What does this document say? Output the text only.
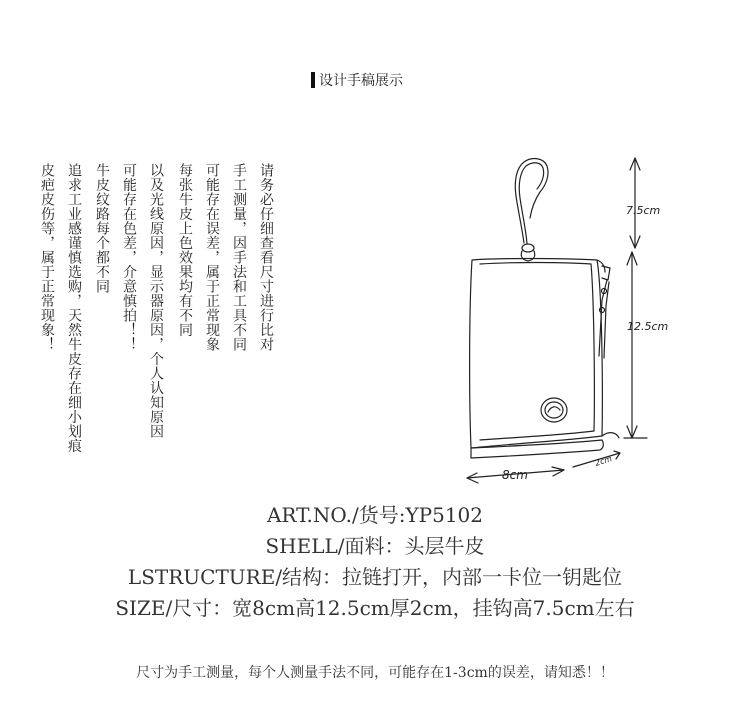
设计手稿展示
请务必仔细查看尺寸进行比对
手工测量，因手法和工具不同
可能存在误差，属于正常现象
每张牛皮上色效果均有不同
以及光线原因，显示器原因，个人认知原因
可能存在色差，介意慎拍！！
牛皮纹路每个都不同
追求工业感谨慎选购，天然牛皮存在细小划痕
皮疤皮伤等，属于正常现象！	7.5cm
12.5cm
8cm
2cm
ART.NO./货号:YP5102
SHELL/面料：头层牛皮
LSTRUCTURE/结构：拉链打开，内部一卡位一钥匙位
SIZE/尺寸：宽8cm高12.5cm厚2cm，挂钩高7.5cm左右
尺寸为手工测量，每个人测量手法不同，可能存在1-3cm的误差，请知悉！！
